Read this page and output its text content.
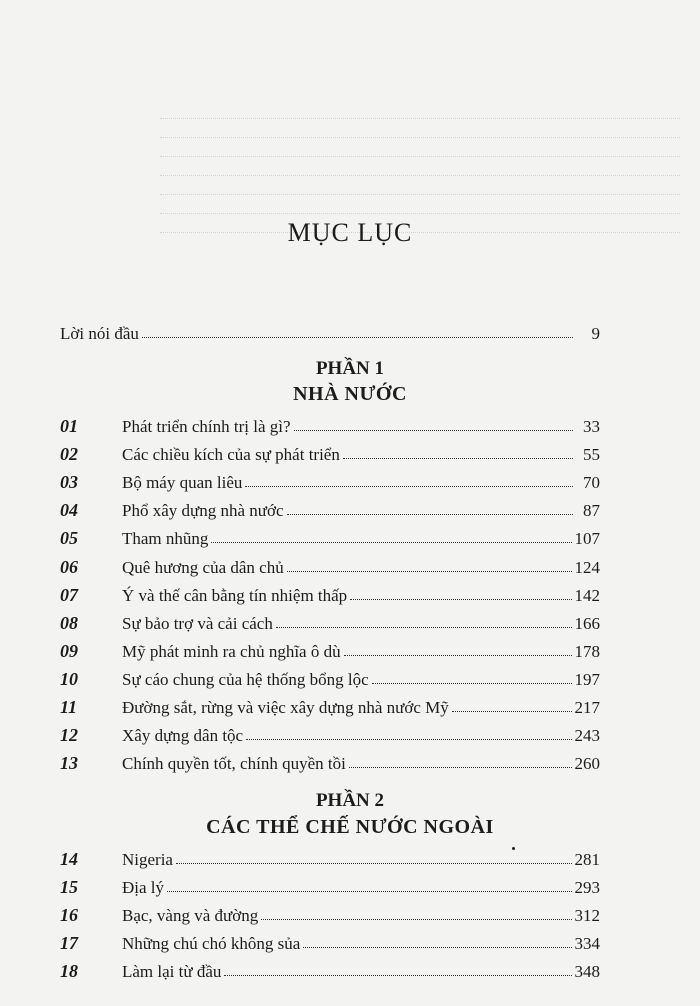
MỤC LỤC
Lời nói đầu	9
PHẦN 1
NHÀ NƯỚC
01	Phát triển chính trị là gì?	33
02	Các chiều kích của sự phát triển	55
03	Bộ máy quan liêu	70
04	Phổ xây dựng nhà nước	87
05	Tham nhũng	107
06	Quê hương của dân chủ	124
07	Ý và thế cân bằng tín nhiệm thấp	142
08	Sự bảo trợ và cải cách	166
09	Mỹ phát minh ra chủ nghĩa ô dù	178
10	Sự cáo chung của hệ thống bổng lộc	197
11	Đường sắt, rừng và việc xây dựng nhà nước Mỹ	217
12	Xây dựng dân tộc	243
13	Chính quyền tốt, chính quyền tồi	260
PHẦN 2
CÁC THỂ CHẾ NƯỚC NGOÀI
14	Nigeria	281
15	Địa lý	293
16	Bạc, vàng và đường	312
17	Những chú chó không sủa	334
18	Làm lại từ đầu	348
